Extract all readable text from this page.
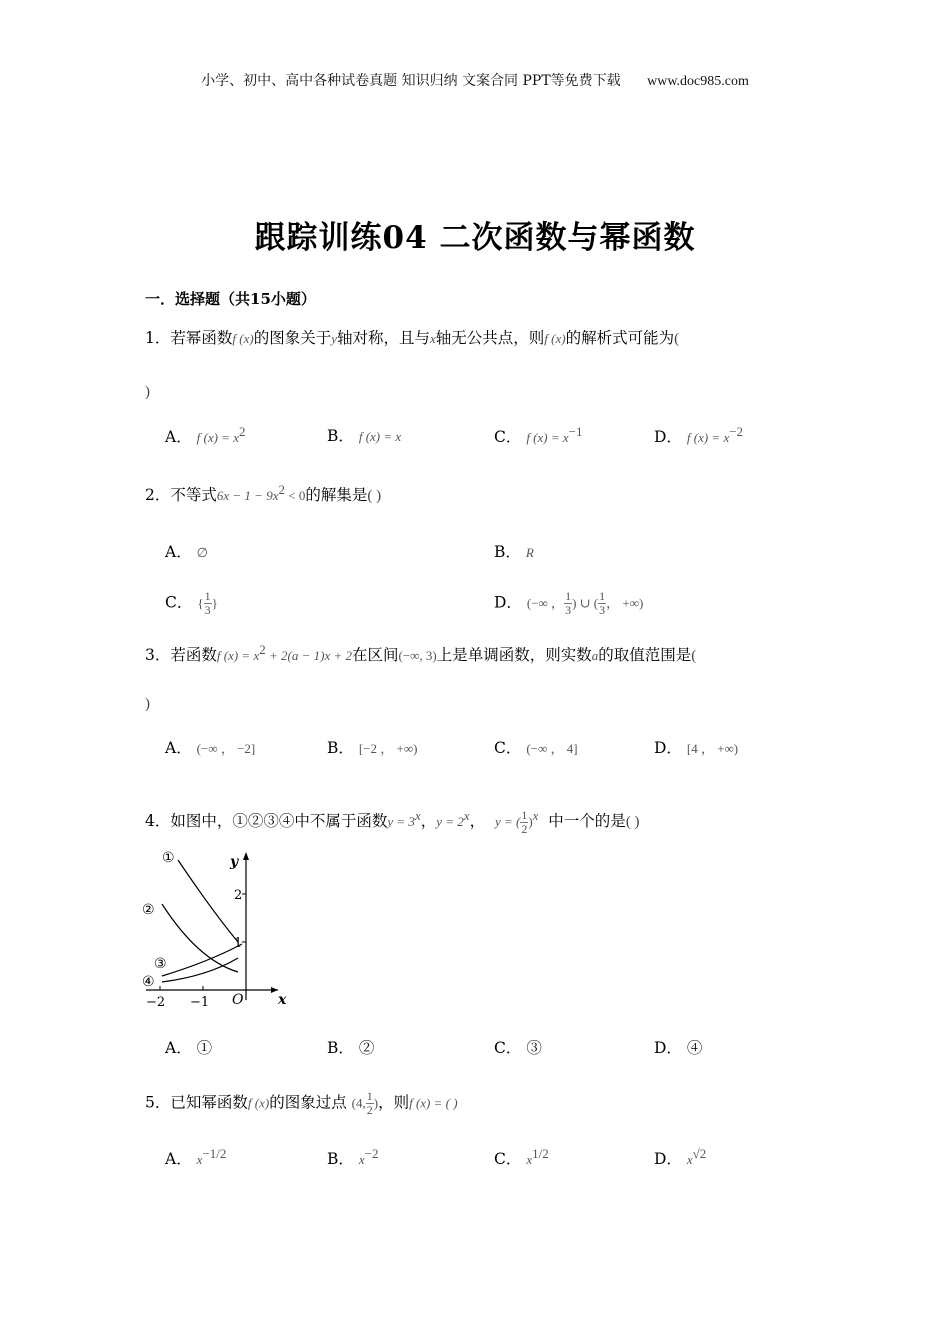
小学、初中、高中各种试卷真题 知识归纳 文案合同 PPT等免费下载 www.doc985.com
跟踪训练04 二次函数与幂函数
一．选择题（共15小题）
1．若幂函数f (x)的图象关于y轴对称，且与x轴无公共点，则f (x)的解析式可能为(
)
A． f $(x) = x^2$	B． f (x) = x	C． f $(x) = x^{-1}$	D． f $(x) = x^{-2}$
2．不等式$6x - 1 - 9x^2 < 0$的解集是( )
A． ∅	B． R
C． { $\frac{1}{3}$ }	D． (−∞ ， $\frac{1}{3}$ ) ∪ ( $\frac{1}{3}$ ， +∞)
3．若函数f $(x) = x^2 + 2(a - 1)x + 2$在区间(−∞, 3)上是单调函数，则实数a的取值范围是(
)
A． (−∞ ， −2]	B． [−2 ， +∞)	C． (−∞ ， 4]	D． [4 ， +∞)
4．如图中，①②③④中不属于函数$y = 3^x$，$y = 2^x$， y = ( $\frac{1}{2} )^x$ 中一个的是( )
①
②
③
④
y
x
O
1
2
−2 −1
A． ①	B． ②	C． ③	D． ④
5．已知幂函数f (x)的图象过点 (4, $\frac{1}{2}$ )，则f (x) = ( )
A． $x^{-1/2}$	B． $x^{-2}$	C． $x^{1/2}$	D． $x^{√2}$
